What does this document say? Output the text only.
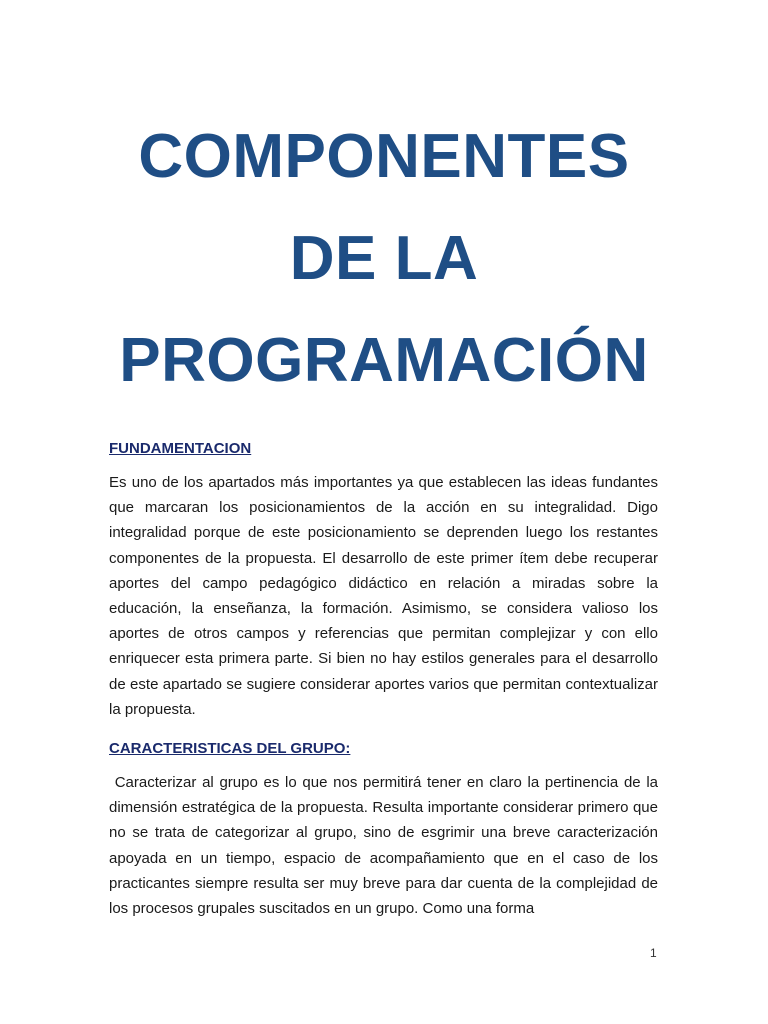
COMPONENTES
DE LA
PROGRAMACIÓN
FUNDAMENTACION

Es uno de los apartados más importantes ya que establecen las ideas fundantes que marcaran los posicionamientos de la acción en su integralidad. Digo integralidad porque de este posicionamiento se deprenden luego los restantes componentes de la propuesta. El desarrollo de este primer ítem debe recuperar aportes del campo pedagógico didáctico en relación a miradas sobre la educación, la enseñanza, la formación. Asimismo, se considera valioso los aportes de otros campos y referencias que permitan complejizar y con ello enriquecer esta primera parte. Si bien no hay estilos generales para el desarrollo de este apartado se sugiere considerar aportes varios que permitan contextualizar la propuesta.

CARACTERISTICAS DEL GRUPO:

Caracterizar al grupo es lo que nos permitirá tener en claro la pertinencia de la dimensión estratégica de la propuesta. Resulta importante considerar primero que no se trata de categorizar al grupo, sino de esgrimir una breve caracterización apoyada en un tiempo, espacio de acompañamiento que en el caso de los practicantes siempre resulta ser muy breve para dar cuenta de la complejidad de los procesos grupales suscitados en un grupo. Como una forma

1
